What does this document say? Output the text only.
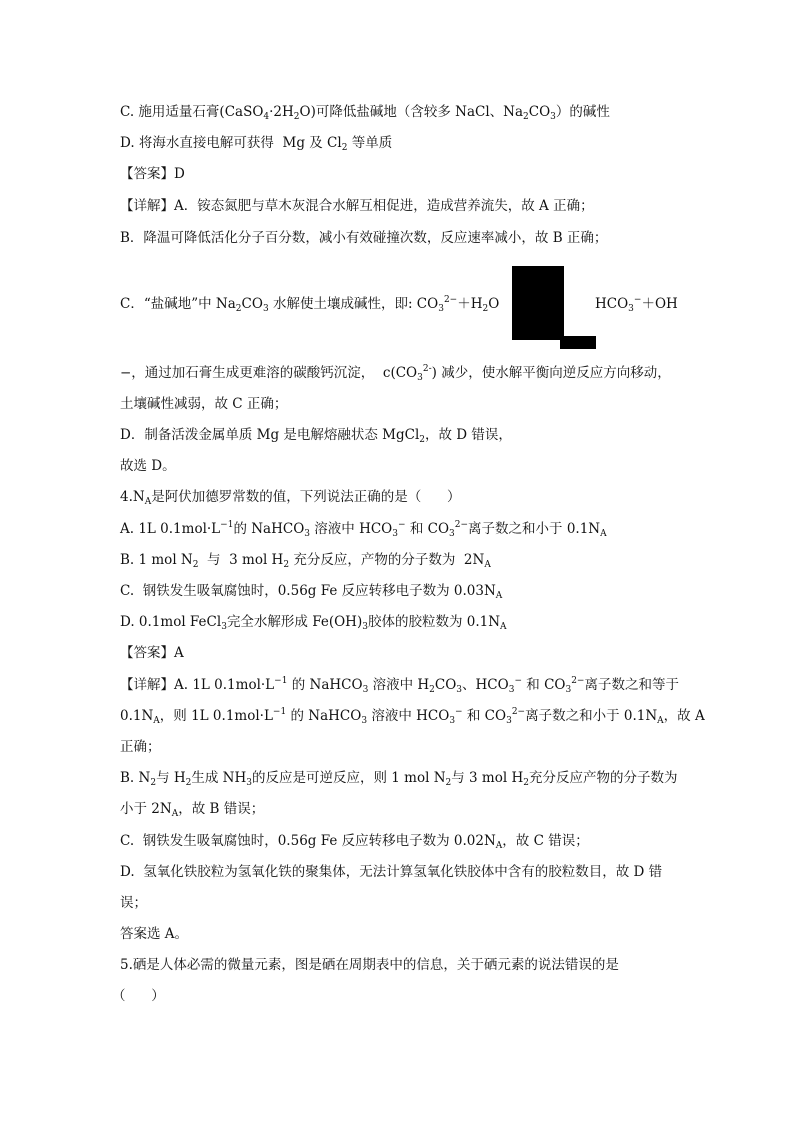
C. 施用适量石膏$(CaSO_4\cdot 2H_2O)$可降低盐碱地（含较多 NaCl、$Na_2CO_3$）的碱性
D. 将海水直接电解可获得  Mg 及 $Cl_2$ 等单质
【答案】D
【详解】A．铵态氮肥与草木灰混合水解互相促进，造成营养流失，故 A 正确；
B．降温可降低活化分子百分数，减小有效碰撞次数，反应速率减小，故 B 正确；
C．“盐碱地”中 $Na_2CO_3$ 水解使土壤成碱性，即: $CO_3^{2-}+H_2O$	$HCO_3^-+OH$
−，通过加石膏生成更难溶的碳酸钙沉淀，  $c(CO_3^{2-})$ 减少，使水解平衡向逆反应方向移动，
土壤碱性减弱，故 C 正确；
D．制备活泼金属单质 Mg 是电解熔融状态 MgCl$_2$，故 D 错误，
故选 D。
$4.N_A$是阿伏加德罗常数的值，下列说法正确的是（      ）
A. 1L $0.1mol\cdot L^{-1}$的 NaHCO$_3$ 溶液中 $HCO_3^-$ 和 $CO_3^{2-}$离子数之和小于 $0.1N_A$
B. 1 mol $N_2$  与  3 mol $H_2$ 充分反应，产物的分子数为  $2N_A$
C.  钢铁发生吸氧腐蚀时，0.56g Fe 反应转移电子数为 $0.03N_A$
D. 0.1mol FeCl$_3$完全水解形成 $Fe(OH)_3$胶体的胶粒数为 $0.1N_A$
【答案】A
【详解】A. 1L $0.1mol\cdot L^{-1}$ 的 NaHCO$_3$ 溶液中 $H_2CO_3$、$HCO_3^-$ 和 $CO_3^{2-}$离子数之和等于
$0.1N_A$，则 1L $0.1mol\cdot L^{-1}$ 的 NaHCO$_3$ 溶液中 $HCO_3^-$ 和 $CO_3^{2-}$离子数之和小于 $0.1N_A$，故 A
正确；
B. $N_2$与 $H_2$生成 $NH_3$的反应是可逆反应，则 1 mol $N_2$与 3 mol $H_2$充分反应产物的分子数为
小于 $2N_A$，故 B 错误；
C.  钢铁发生吸氧腐蚀时，0.56g Fe 反应转移电子数为 $0.02N_A$，故 C 错误；
D.  氢氧化铁胶粒为氢氧化铁的聚集体，无法计算氢氧化铁胶体中含有的胶粒数目，故 D 错
误；
答案选 A。
5.硒是人体必需的微量元素，图是硒在周期表中的信息，关于硒元素的说法错误的是
（      ）
